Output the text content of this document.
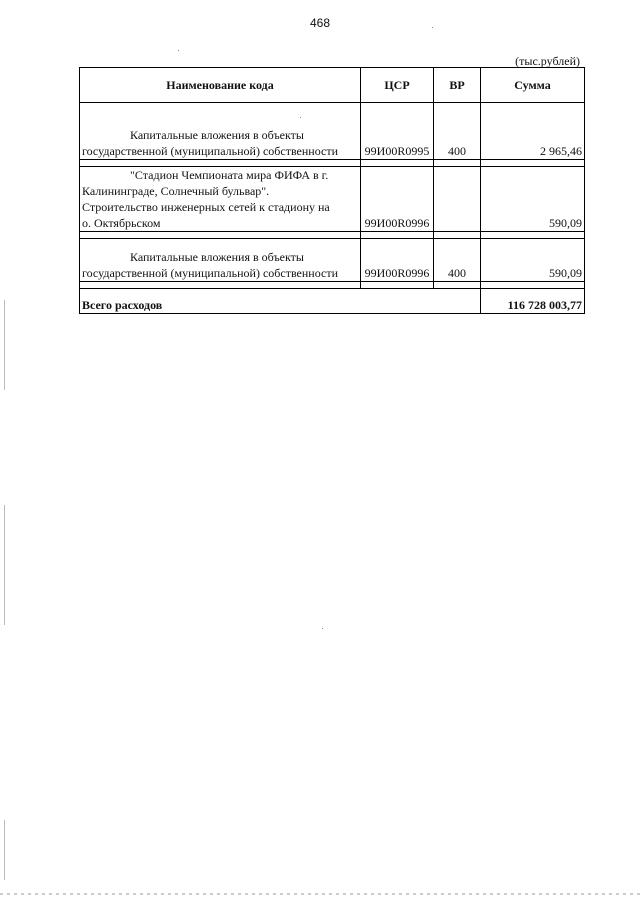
468
(тыс.рублей)
Наименование кода	ЦСР	ВР	Сумма

Капитальные вложения в объекты
государственной (муниципальной) собственности	99И00R0995	400	2 965,46

"Стадион Чемпионата мира ФИФА в г.
Калининграде, Солнечный бульвар".
Строительство инженерных сетей к стадиону на
о. Октябрьском	99И00R0996		590,09

Капитальные вложения в объекты
государственной (муниципальной) собственности	99И00R0996	400	590,09

Всего расходов			116 728 003,77
